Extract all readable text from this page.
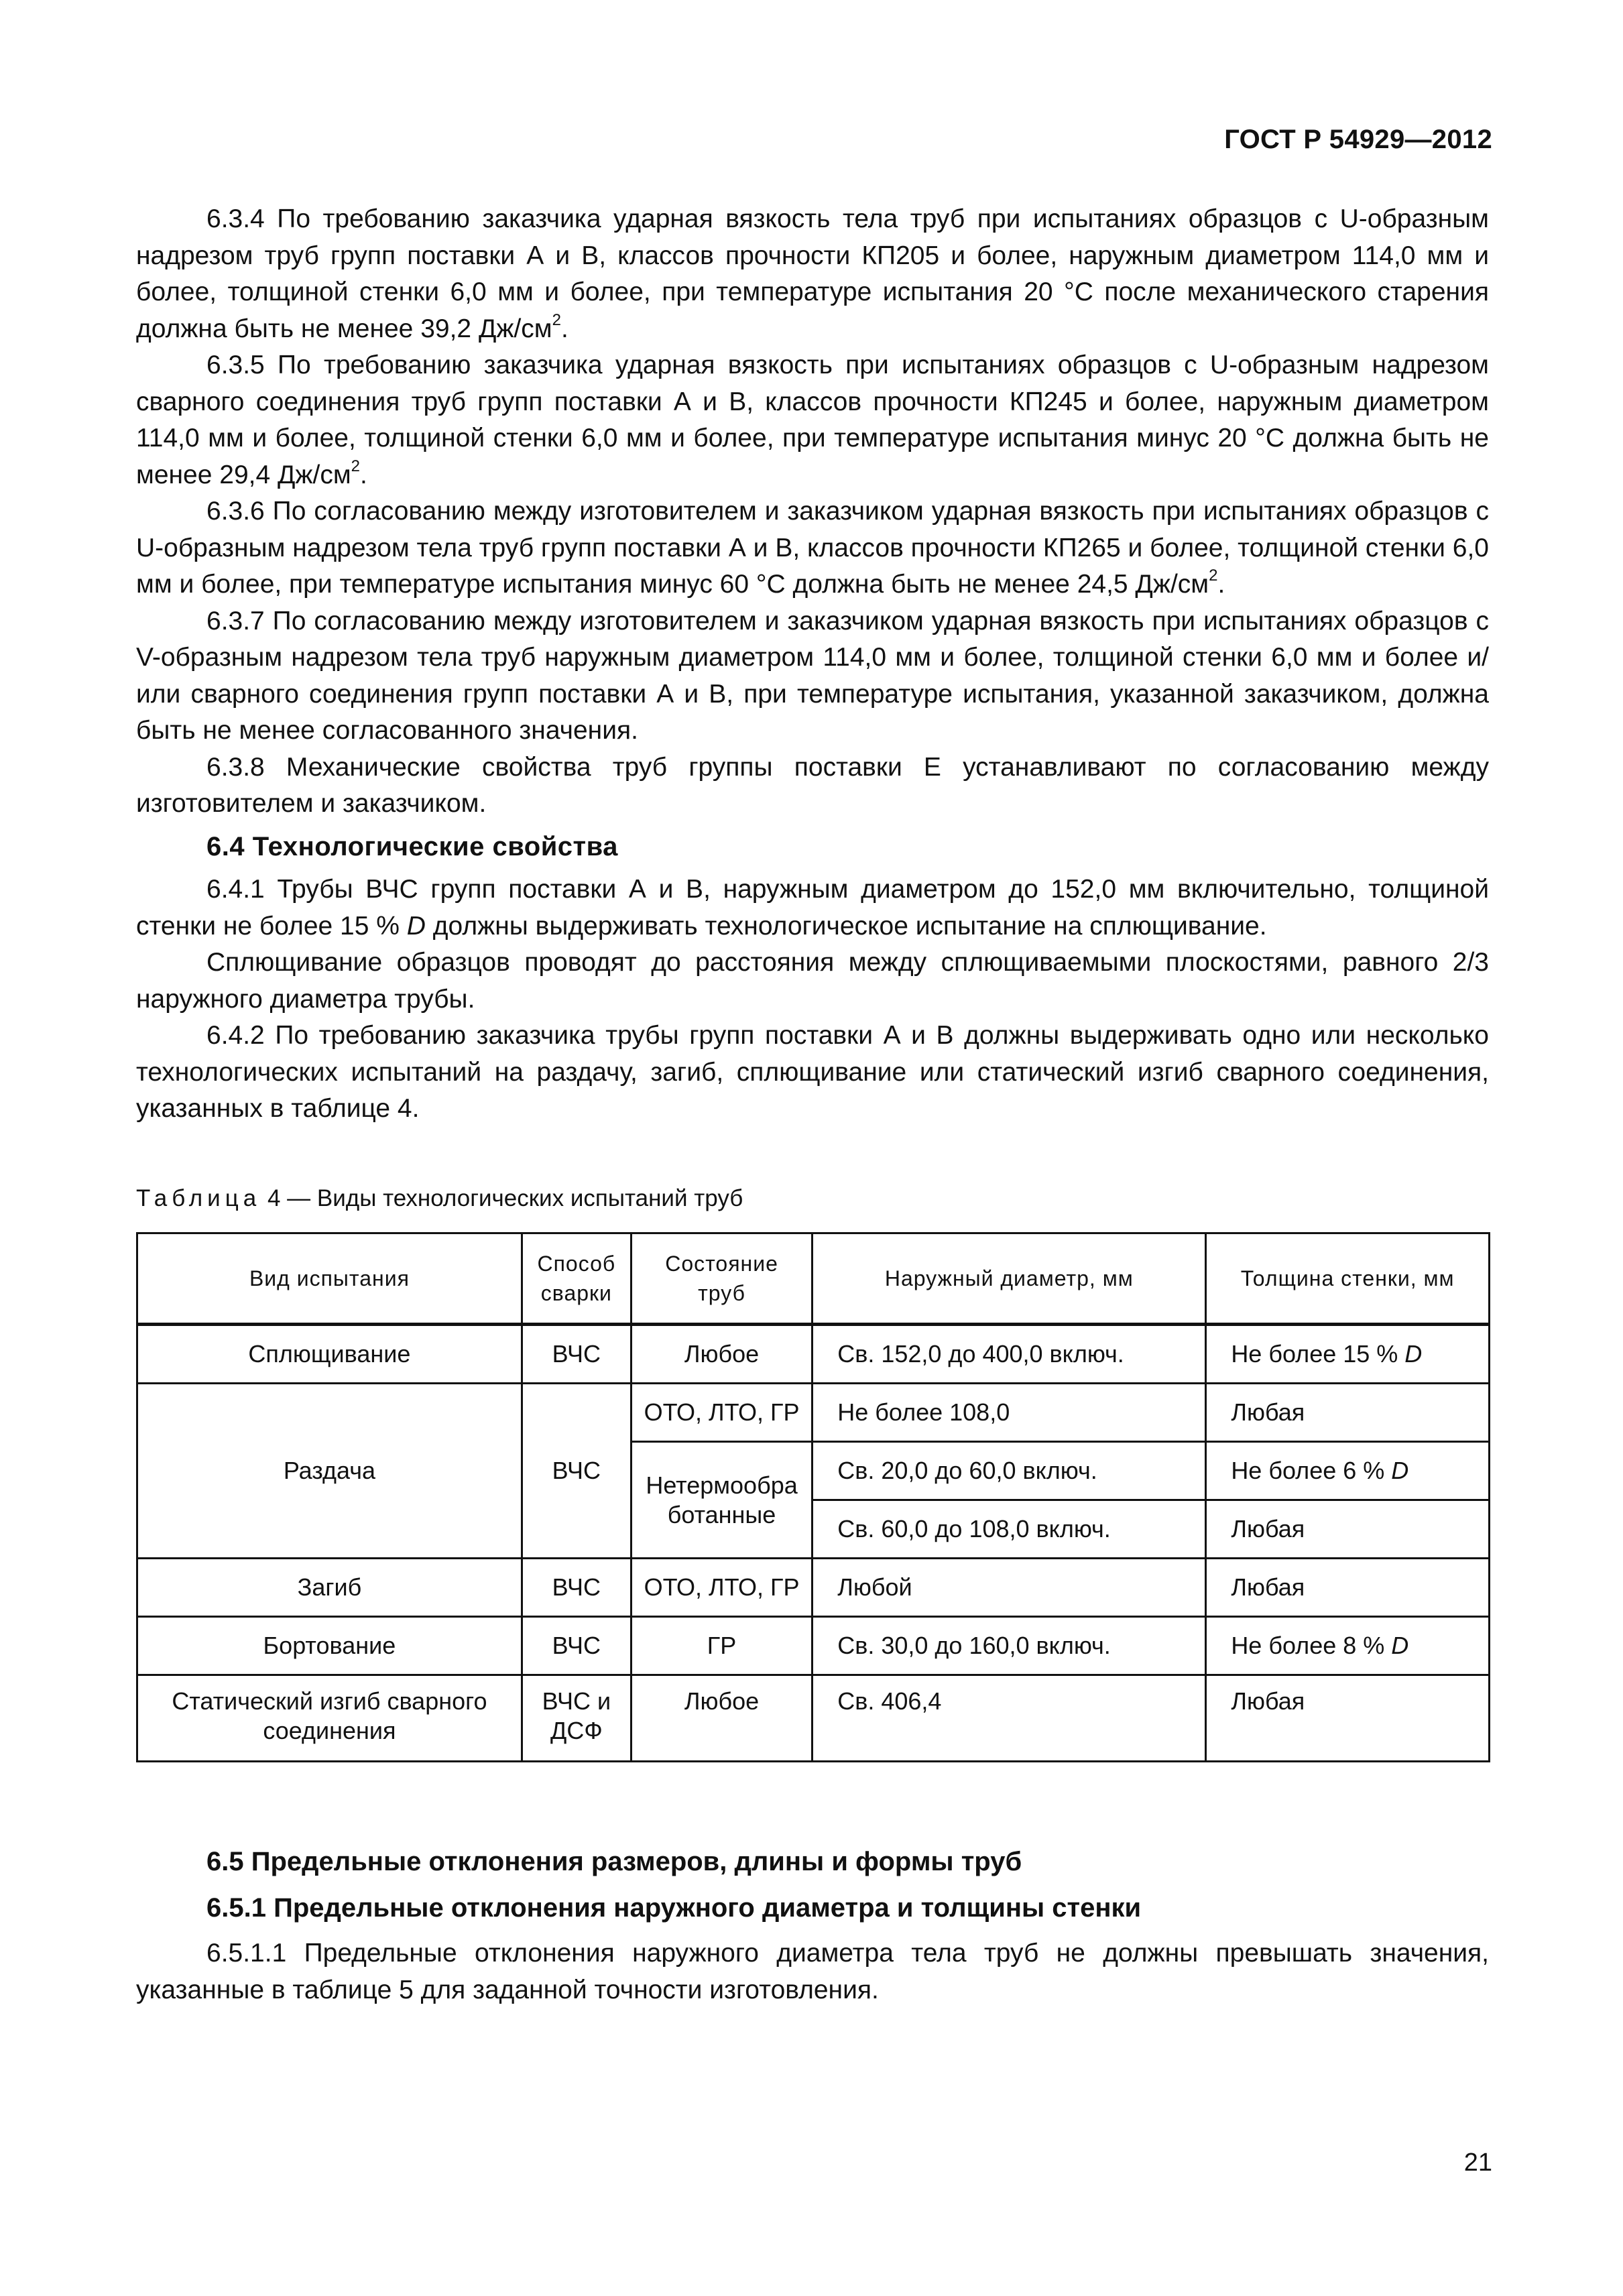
ГОСТ Р 54929—2012

6.3.4 По требованию заказчика ударная вязкость тела труб при испытаниях образцов с U-образным надрезом труб групп поставки А и В, классов прочности КП205 и более, наружным диаметром 114,0 мм и более, толщиной стенки 6,0 мм и более, при температуре испытания 20 °С после механического старения должна быть не менее 39,2 $Дж/см^2$.

6.3.5 По требованию заказчика ударная вязкость при испытаниях образцов с U-образным надрезом сварного соединения труб групп поставки А и В, классов прочности КП245 и более, наружным диаметром 114,0 мм и более, толщиной стенки 6,0 мм и более, при температуре испытания минус 20 °С должна быть не менее 29,4 $Дж/см^2$.

6.3.6 По согласованию между изготовителем и заказчиком ударная вязкость при испытаниях образцов с U-образным надрезом тела труб групп поставки А и В, классов прочности КП265 и более, толщиной стенки 6,0 мм и более, при температуре испытания минус 60 °С должна быть не менее 24,5 $Дж/см^2$.

6.3.7 По согласованию между изготовителем и заказчиком ударная вязкость при испытаниях образцов с V-образным надрезом тела труб наружным диаметром 114,0 мм и более, толщиной стенки 6,0 мм и более и/или сварного соединения групп поставки А и В, при температуре испытания, указанной заказчиком, должна быть не менее согласованного значения.

6.3.8 Механические свойства труб группы поставки Е устанавливают по согласованию между изготовителем и заказчиком.

6.4 Технологические свойства

6.4.1 Трубы ВЧС групп поставки А и В, наружным диаметром до 152,0 мм включительно, толщиной стенки не более 15 % D должны выдерживать технологическое испытание на сплющивание.

Сплющивание образцов проводят до расстояния между сплющиваемыми плоскостями, равного 2/3 наружного диаметра трубы.

6.4.2 По требованию заказчика трубы групп поставки А и В должны выдерживать одно или несколько технологических испытаний на раздачу, загиб, сплющивание или статический изгиб сварного соединения, указанных в таблице 4.

Таблица 4 — Виды технологических испытаний труб
Вид испытания	Способ сварки	Состояние труб	Наружный диаметр, мм	Толщина стенки, мм
Сплющивание	ВЧС	Любое	Св. 152,0 до 400,0 включ.	Не более 15 % D
Раздача	ВЧС	ОТО, ЛТО, ГР	Не более 108,0	Любая
		Нетермообработанные	Св. 20,0 до 60,0 включ.	Не более 6 % D
			Св. 60,0 до 108,0 включ.	Любая
Загиб	ВЧС	ОТО, ЛТО, ГР	Любой	Любая
Бортование	ВЧС	ГР	Св. 30,0 до 160,0 включ.	Не более 8 % D
Статический изгиб сварного соединения	ВЧС и ДСФ	Любое	Св. 406,4	Любая

6.5 Предельные отклонения размеров, длины и формы труб

6.5.1 Предельные отклонения наружного диаметра и толщины стенки

6.5.1.1 Предельные отклонения наружного диаметра тела труб не должны превышать значения, указанные в таблице 5 для заданной точности изготовления.

21
